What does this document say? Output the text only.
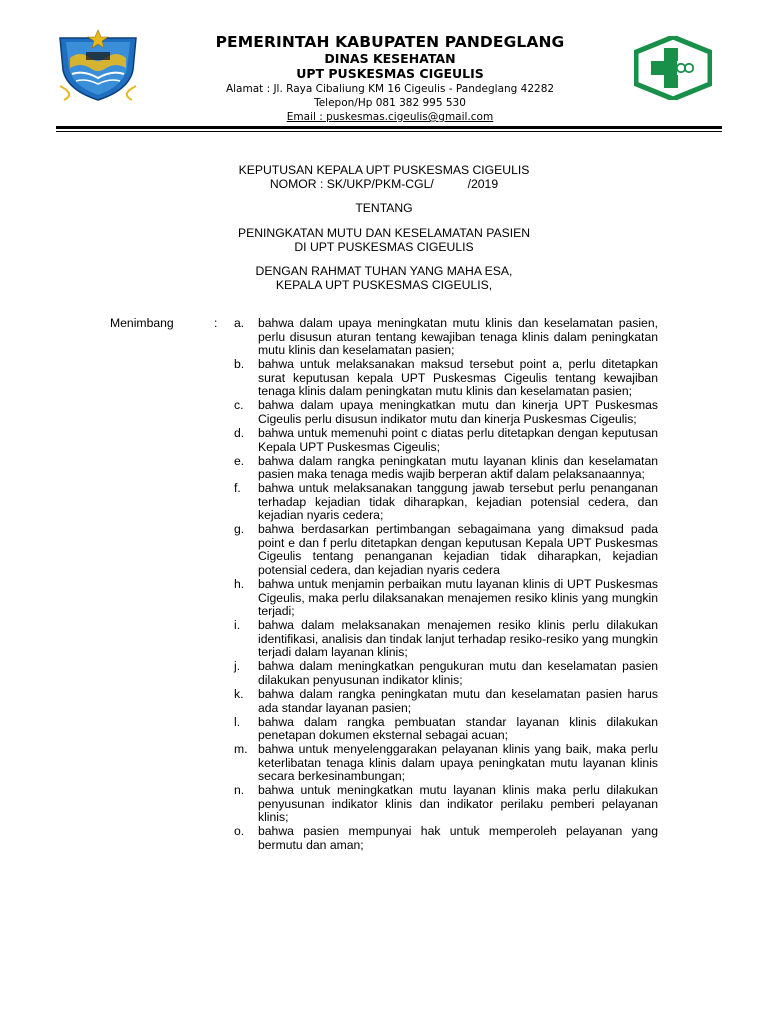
PEMERINTAH KABUPATEN PANDEGLANG
DINAS KESEHATAN
UPT PUSKESMAS CIGEULIS
Alamat : Jl. Raya Cibaliung KM 16 Cigeulis - Pandeglang 42282
Telepon/Hp 081 382 995 530
Email : puskesmas.cigeulis@gmail.com
KEPUTUSAN KEPALA UPT PUSKESMAS CIGEULIS
NOMOR : SK/UKP/PKM-CGL/          /2019
TENTANG
PENINGKATAN MUTU DAN KESELAMATAN PASIEN
DI UPT PUSKESMAS CIGEULIS
DENGAN RAHMAT TUHAN YANG MAHA ESA,
KEPALA UPT PUSKESMAS CIGEULIS,
Menimbang	: a.	bahwa dalam upaya meningkatan mutu klinis dan keselamatan pasien, perlu disusun aturan tentang kewajiban tenaga klinis dalam peningkatan mutu klinis dan keselamatan pasien;
b.	bahwa untuk melaksanakan maksud tersebut point a, perlu ditetapkan surat keputusan kepala UPT Puskesmas Cigeulis tentang kewajiban tenaga klinis dalam peningkatan mutu klinis dan keselamatan pasien;
c.	bahwa dalam upaya meningkatkan mutu dan kinerja UPT Puskesmas Cigeulis perlu disusun indikator mutu dan kinerja Puskesmas Cigeulis;
d.	bahwa untuk memenuhi point c diatas perlu ditetapkan dengan keputusan Kepala UPT Puskesmas Cigeulis;
e.	bahwa dalam rangka peningkatan mutu layanan klinis dan keselamatan pasien maka tenaga medis wajib berperan aktif dalam pelaksanaannya;
f.	bahwa untuk melaksanakan tanggung jawab tersebut perlu penanganan terhadap kejadian tidak diharapkan, kejadian potensial cedera, dan kejadian nyaris cedera;
g.	bahwa berdasarkan pertimbangan sebagaimana yang dimaksud pada point e dan f perlu ditetapkan dengan keputusan Kepala UPT Puskesmas Cigeulis tentang penanganan kejadian tidak diharapkan, kejadian potensial cedera, dan kejadian nyaris cedera
h.	bahwa untuk menjamin perbaikan mutu layanan klinis di UPT Puskesmas Cigeulis, maka perlu dilaksanakan menajemen resiko klinis yang mungkin terjadi;
i.	bahwa dalam melaksanakan menajemen resiko klinis perlu dilakukan identifikasi, analisis dan tindak lanjut terhadap resiko-resiko yang mungkin terjadi dalam layanan klinis;
j.	bahwa dalam meningkatkan pengukuran mutu dan keselamatan pasien dilakukan penyusunan indikator klinis;
k.	bahwa dalam rangka peningkatan mutu dan keselamatan pasien harus ada standar layanan pasien;
l.	bahwa dalam rangka pembuatan standar layanan klinis dilakukan penetapan dokumen eksternal sebagai acuan;
m. bahwa untuk menyelenggarakan pelayanan klinis yang baik, maka perlu keterlibatan tenaga klinis dalam upaya peningkatan mutu layanan klinis secara berkesinambungan;
n.	bahwa untuk meningkatkan mutu layanan klinis maka perlu dilakukan penyusunan indikator klinis dan indikator perilaku pemberi pelayanan klinis;
o.	bahwa pasien mempunyai hak untuk memperoleh pelayanan yang bermutu dan aman;
